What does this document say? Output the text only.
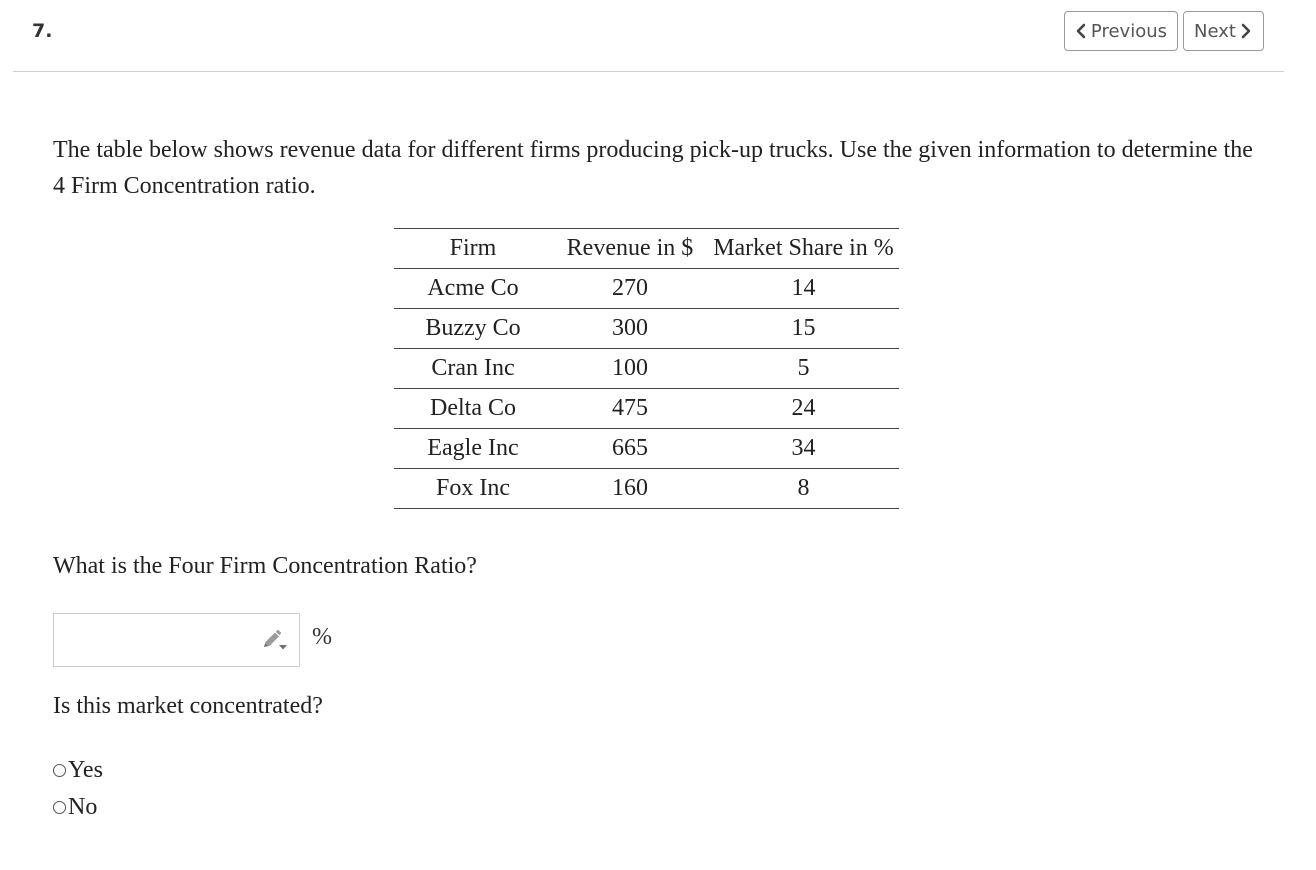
7.	Previous Next

The table below shows revenue data for different firms producing pick-up trucks. Use the given information to determine the 4 Firm Concentration ratio.

Firm	Revenue in $	Market Share in %
Acme Co	270	14
Buzzy Co	300	15
Cran Inc	100	5
Delta Co	475	24
Eagle Inc	665	34
Fox Inc	160	8
What is the Four Firm Concentration Ratio?
%
Is this market concentrated?
Yes
No
